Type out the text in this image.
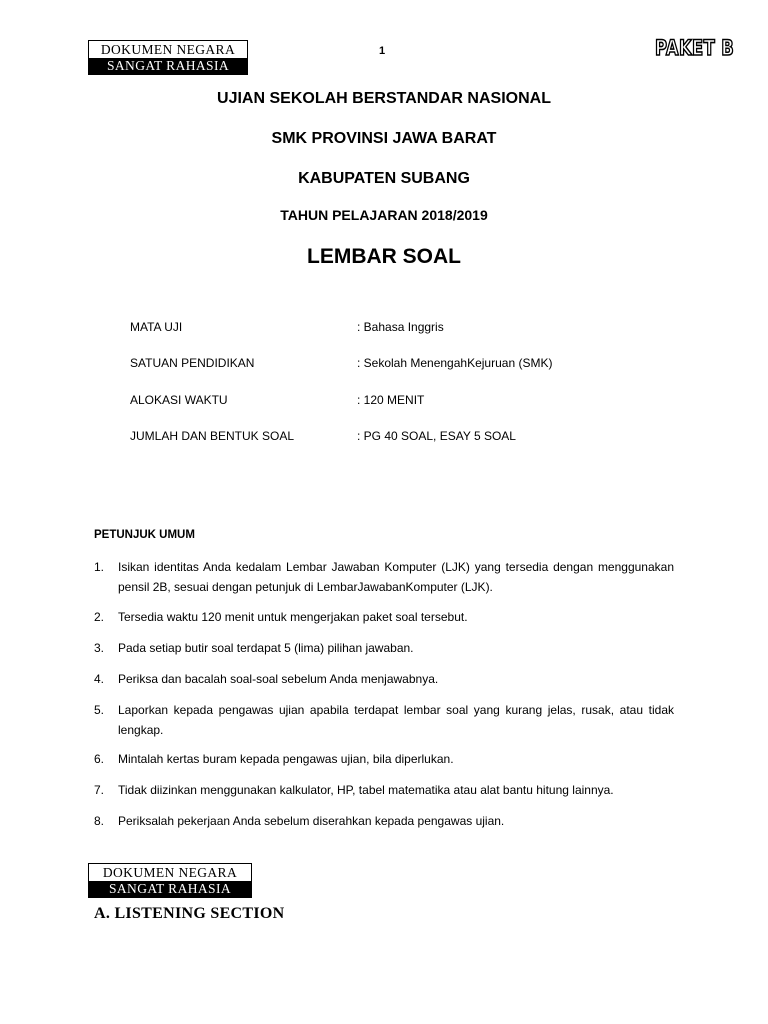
DOKUMEN NEGARA
SANGAT RAHASIA
1	PAKET B
UJIAN SEKOLAH BERSTANDAR NASIONAL
SMK PROVINSI JAWA BARAT
KABUPATEN SUBANG
TAHUN PELAJARAN 2018/2019
LEMBAR SOAL
MATA UJI	: Bahasa Inggris
SATUAN PENDIDIKAN	: Sekolah MenengahKejuruan (SMK)
ALOKASI WAKTU	: 120 MENIT
JUMLAH DAN BENTUK SOAL	: PG 40 SOAL, ESAY 5 SOAL
PETUNJUK UMUM
1. Isikan identitas Anda kedalam Lembar Jawaban Komputer (LJK) yang tersedia dengan menggunakan pensil 2B, sesuai dengan petunjuk di LembarJawabanKomputer (LJK).
2. Tersedia waktu 120 menit untuk mengerjakan paket soal tersebut.
3. Pada setiap butir soal terdapat 5 (lima) pilihan jawaban.
4. Periksa dan bacalah soal-soal sebelum Anda menjawabnya.
5. Laporkan kepada pengawas ujian apabila terdapat lembar soal yang kurang jelas, rusak, atau tidak lengkap.
6. Mintalah kertas buram kepada pengawas ujian, bila diperlukan.
7. Tidak diizinkan menggunakan kalkulator, HP, tabel matematika atau alat bantu hitung lainnya.
8. Periksalah pekerjaan Anda sebelum diserahkan kepada pengawas ujian.
DOKUMEN NEGARA
SANGAT RAHASIA
A. LISTENING SECTION
